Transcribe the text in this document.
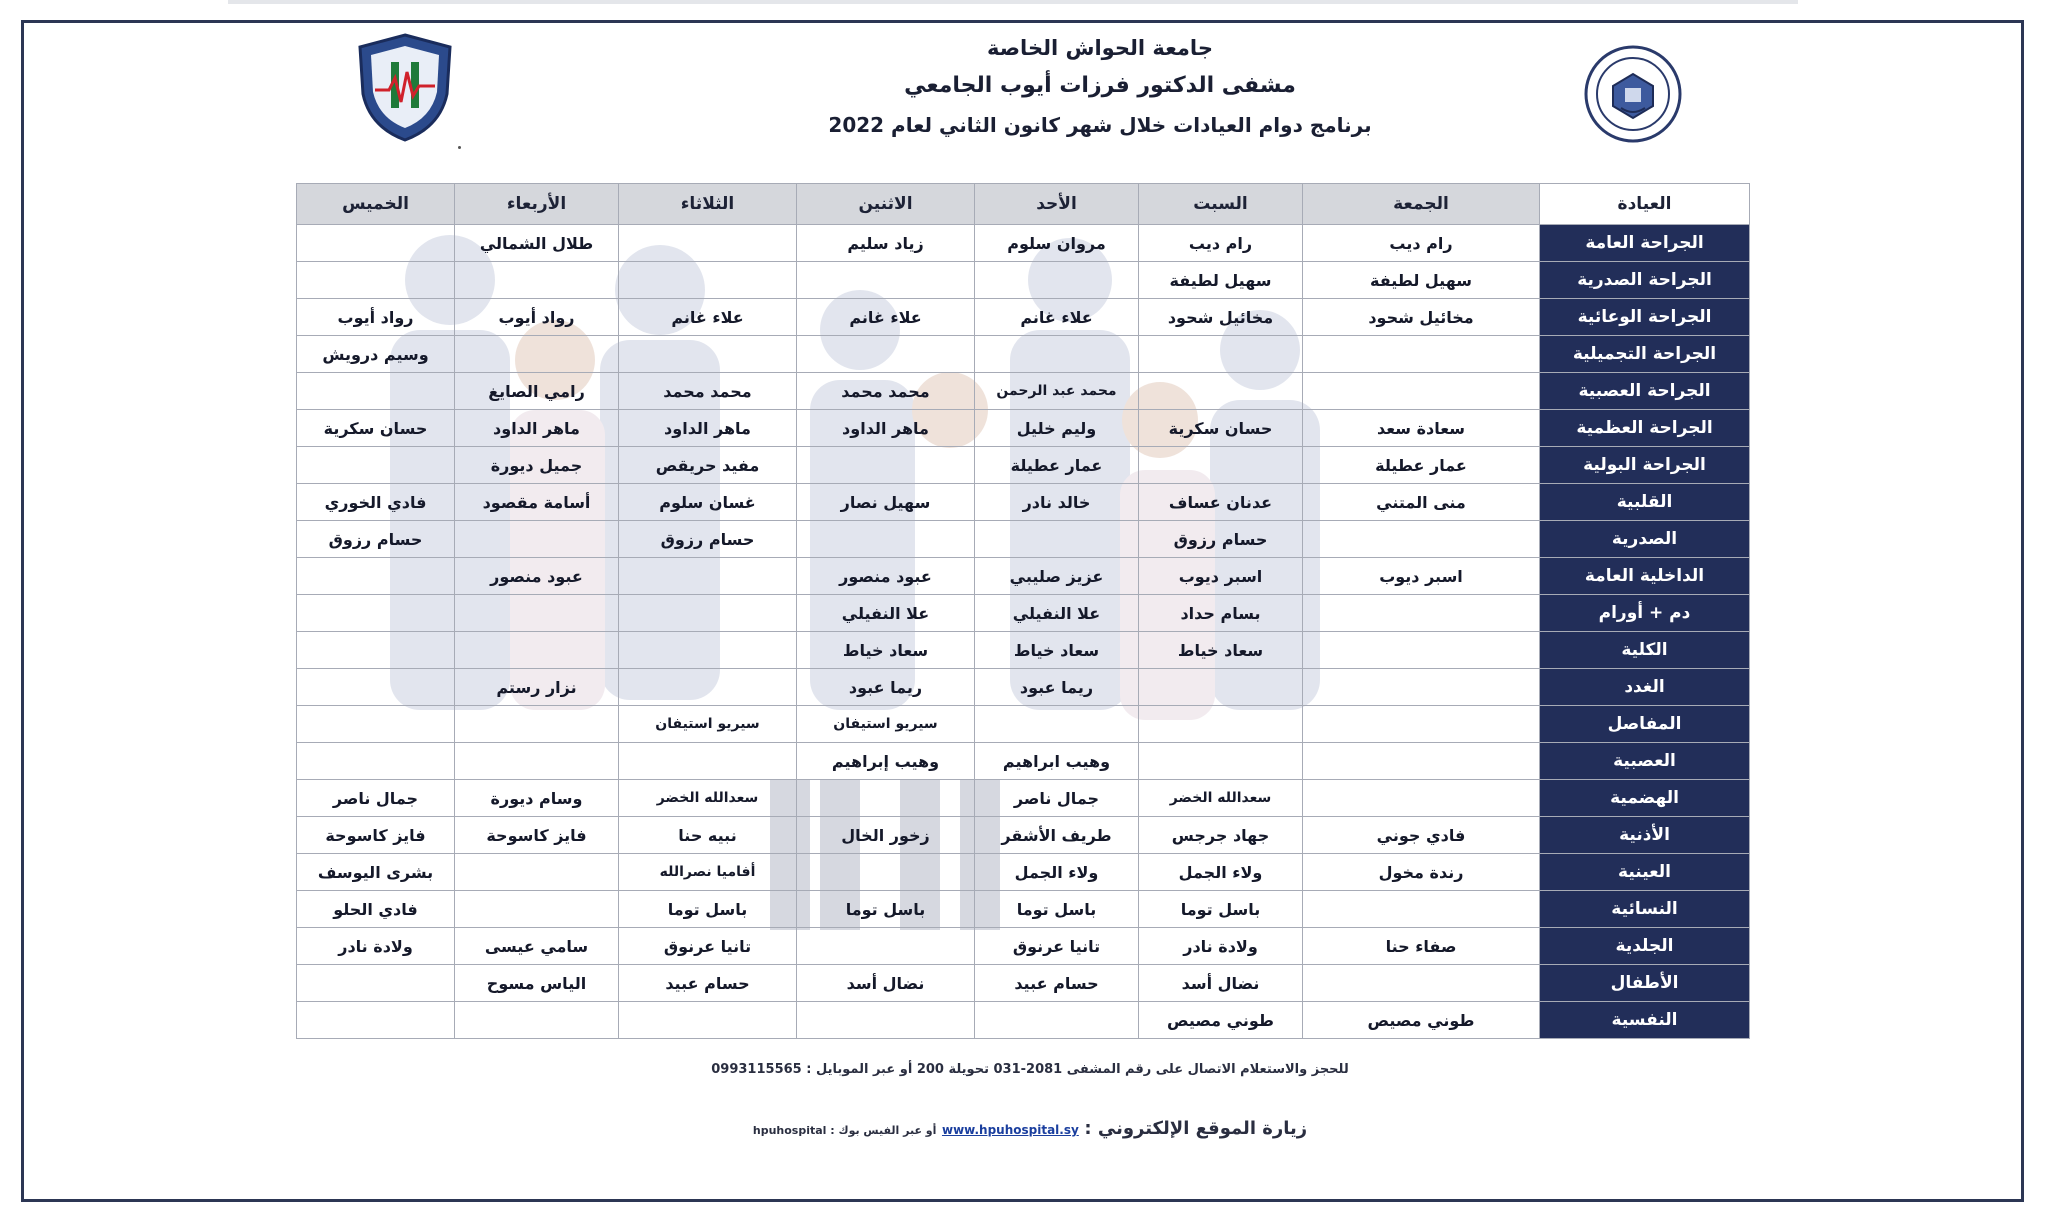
جامعة الحواش الخاصة
مشفى الدكتور فرزات أيوب الجامعي
برنامج دوام العيادات خلال شهر كانون الثاني لعام 2022
العيادة	الجمعة	السبت	الأحد	الاثنين	الثلاثاء	الأربعاء	الخميس
الجراحة العامة	رام ديب	رام ديب	مروان سلوم	زياد سليم		طلال الشمالي	
الجراحة الصدرية	سهيل لطيفة	سهيل لطيفة					
الجراحة الوعائية	مخائيل شحود	مخائيل شحود	علاء غانم	علاء غانم	علاء غانم	رواد أيوب	رواد أيوب
الجراحة التجميلية							وسيم درويش
الجراحة العصبية			محمد عبد الرحمن	محمد محمد	محمد محمد	رامي الصايغ	
الجراحة العظمية	سعادة سعد	حسان سكرية	وليم خليل	ماهر الداود	ماهر الداود	ماهر الداود	حسان سكرية
الجراحة البولية	عمار عطيلة		عمار عطيلة		مفيد حريقص	جميل ديورة	
القلبية	منى المتني	عدنان عساف	خالد نادر	سهيل نصار	غسان سلوم	أسامة مقصود	فادي الخوري
الصدرية		حسام رزوق			حسام رزوق		حسام رزوق
الداخلية العامة	اسبر ديوب	اسبر ديوب	عزيز صليبي	عبود منصور		عبود منصور	
دم + أورام		بسام حداد	علا النفيلي	علا النفيلي			
الكلية		سعاد خياط	سعاد خياط	سعاد خياط			
الغدد			ريما عبود	ريما عبود		نزار رستم	
المفاصل				سيريو استيفان	سيريو استيفان		
العصبية			وهيب ابراهيم	وهيب إبراهيم			
الهضمية		سعدالله الخضر	جمال ناصر		سعدالله الخضر	وسام ديورة	جمال ناصر
الأذنية	فادي جوني	جهاد جرجس	طريف الأشقر	زخور الخال	نبيه حنا	فايز كاسوحة	فايز كاسوحة
العينية	رندة مخول	ولاء الجمل	ولاء الجمل		أفاميا نصرالله		بشرى اليوسف
النسائية		باسل توما	باسل توما	باسل توما	باسل توما		فادي الحلو
الجلدية	صفاء حنا	ولادة نادر	تانيا عرنوق		تانيا عرنوق	سامي عيسى	ولادة نادر
الأطفال		نضال أسد	حسام عبيد	نضال أسد	حسام عبيد	الياس مسوح	
النفسية	طوني مصيص	طوني مصيص					
للحجز والاستعلام الاتصال على رقم المشفى 2081-031 تحويلة 200 أو عبر الموبايل : 0993115565
زيارة الموقع الإلكتروني : www.hpuhospital.sy أو عبر الفيس بوك : hpuhospital
